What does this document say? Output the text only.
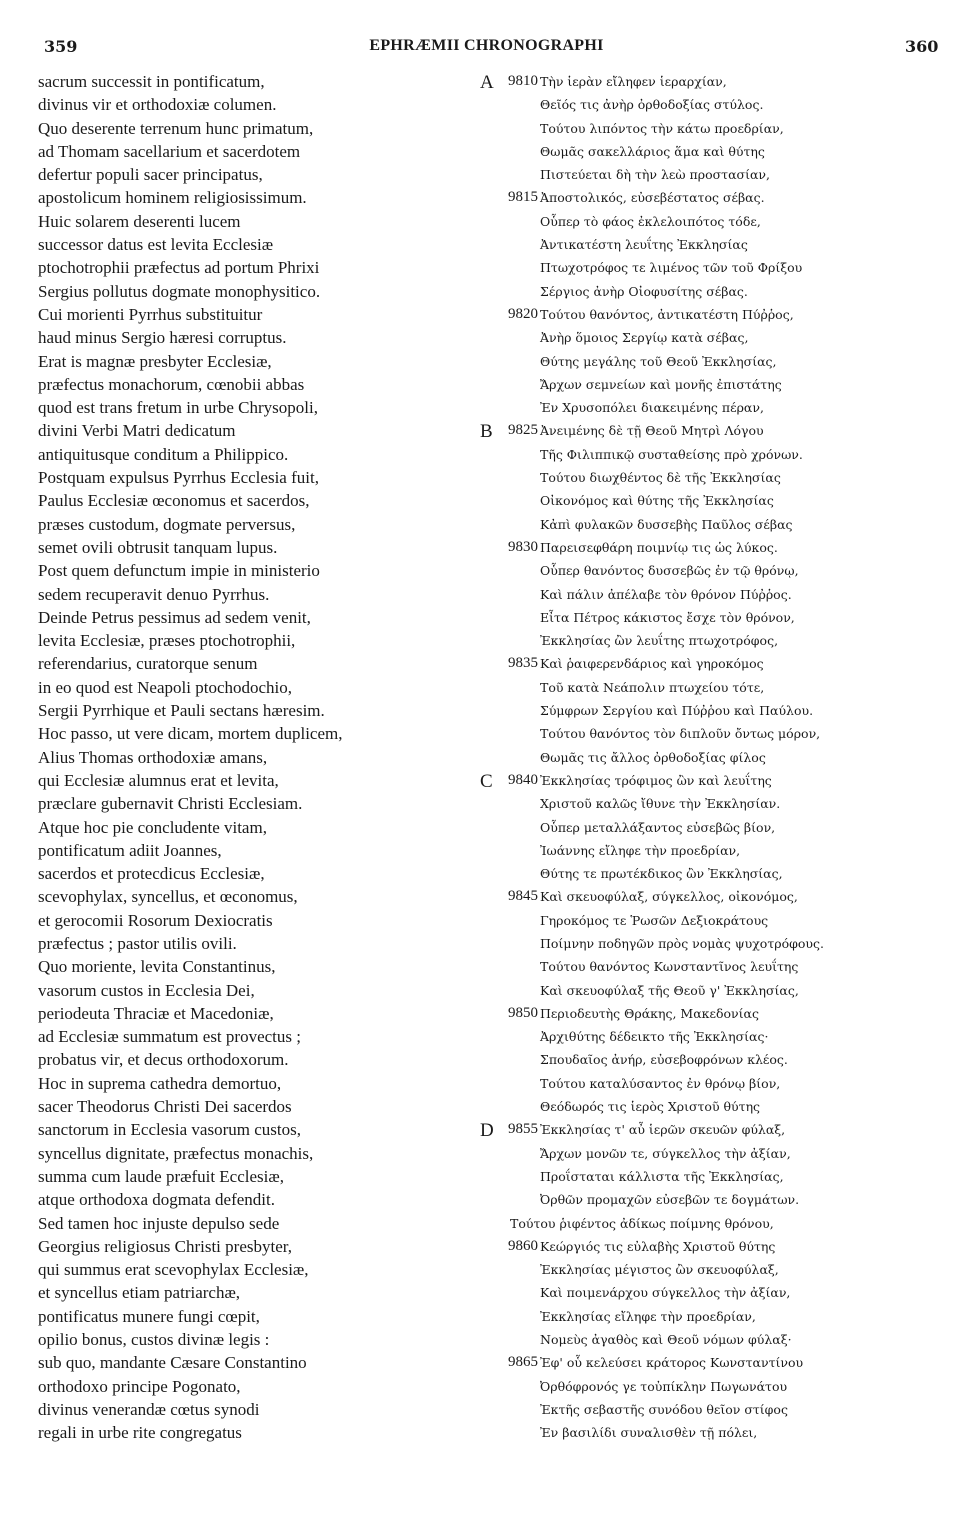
359	EPHRÆMII CHRONOGRAPHI	360
sacrum successit in pontificatum,
divinus vir et orthodoxiæ columen.
Quo deserente terrenum hunc primatum,
ad Thomam sacellarium et sacerdotem
defertur populi sacer principatus,
apostolicum hominem religiosissimum.
Huic solarem deserenti lucem
successor datus est levita Ecclesiæ
ptochotrophii præfectus ad portum Phrixi
Sergius pollutus dogmate monophysitico.
Cui morienti Pyrrhus substituitur
haud minus Sergio hæresi corruptus.
Erat is magnæ presbyter Ecclesiæ,
præfectus monachorum, cœnobii abbas
quod est trans fretum in urbe Chrysopoli,
divini Verbi Matri dedicatum
antiquitusque conditum a Philippico.
Postquam expulsus Pyrrhus Ecclesia fuit,
Paulus Ecclesiæ œconomus et sacerdos,
præses custodum, dogmate perversus,
semet ovili obtrusit tanquam lupus.
Post quem defunctum impie in ministerio
sedem recuperavit denuo Pyrrhus.
Deinde Petrus pessimus ad sedem venit,
levita Ecclesiæ, præses ptochotrophii,
referendarius, curatorque senum
in eo quod est Neapoli ptochodochio,
Sergii Pyrrhique et Pauli sectans hæresim.
Hoc passo, ut vere dicam, mortem duplicem,
Alius Thomas orthodoxiæ amans,
qui Ecclesiæ alumnus erat et levita,
præclare gubernavit Christi Ecclesiam.
Atque hoc pie concludente vitam,
pontificatum adiit Joannes,
sacerdos et protecdicus Ecclesiæ,
scevophylax, syncellus, et œconomus,
et gerocomii Rosorum Dexiocratis
præfectus ; pastor utilis ovili.
Quo moriente, levita Constantinus,
vasorum custos in Ecclesia Dei,
periodeuta Thraciæ et Macedoniæ,
ad Ecclesiæ summatum est provectus ;
probatus vir, et decus orthodoxorum.
Hoc in suprema cathedra demortuo,
sacer Theodorus Christi Dei sacerdos
sanctorum in Ecclesia vasorum custos,
syncellus dignitate, præfectus monachis,
summa cum laude præfuit Ecclesiæ,
atque orthodoxa dogmata defendit.
Sed tamen hoc injuste depulso sede
Georgius religiosus Christi presbyter,
qui summus erat scevophylax Ecclesiæ,
et syncellus etiam patriarchæ,
pontificatus munere fungi cœpit,
opilio bonus, custos divinæ legis :
sub quo, mandante Cæsare Constantino
orthodoxo principe Pogonato,
divinus venerandæ cœtus synodi
regali in urbe rite congregatus
A 9810 Τὴν ἱερὰν εἴληφεν ἱεραρχίαν,
Θεῖός τις ἀνὴρ ὀρθοδοξίας στύλος.
Τούτου λιπόντος τὴν κάτω προεδρίαν,
Θωμᾶς σακελλάριος ἅμα καὶ θύτης
Πιστεύεται δὴ τὴν λεὼ προστασίαν,
9815 Ἀποστολικός, εὐσεβέστατος σέβας.
Οὗπερ τὸ φάος ἐκλελοιπότος τόδε,
Ἀντικατέστη λευΐτης Ἐκκλησίας
Πτωχοτρόφος τε λιμένος τῶν τοῦ Φρίξου
Σέργιος ἀνὴρ Οἰοφυσίτης σέβας.
9820 Τούτου θανόντος, ἀντικατέστη Πύῤῥος,
Ἀνὴρ ὅμοιος Σεργίῳ κατὰ σέβας,
Θύτης μεγάλης τοῦ Θεοῦ Ἐκκλησίας,
Ἄρχων σεμνείων καὶ μονῆς ἐπιστάτης
Ἐν Χρυσοπόλει διακειμένης πέραν,
B	9825 Ἀνειμένης δὲ τῇ Θεοῦ Μητρὶ Λόγου
Τῆς Φιλιππικῷ συσταθείσης πρὸ χρόνων.
Τούτου διωχθέντος δὲ τῆς Ἐκκλησίας
Οἰκονόμος καὶ θύτης τῆς Ἐκκλησίας
Κἀπὶ φυλακῶν δυσσεβὴς Παῦλος σέβας
9830 Παρεισεφθάρη ποιμνίῳ τις ὡς λύκος.
Οὗπερ θανόντος δυσσεβῶς ἐν τῷ θρόνῳ,
Καὶ πάλιν ἀπέλαβε τὸν θρόνον Πύῤῥος.
Εἶτα Πέτρος κάκιστος ἔσχε τὸν θρόνον,
Ἐκκλησίας ὢν λευΐτης πτωχοτρόφος,
9835 Καὶ ῥαιφερενδάριος καὶ γηροκόμος
Τοῦ κατὰ Νεάπολιν πτωχείου τότε,
Σύμφρων Σεργίου καὶ Πύῤῥου καὶ Παύλου.
Τούτου θανόντος τὸν διπλοῦν ὄντως μόρον,
Θωμᾶς τις ἄλλος ὀρθοδοξίας φίλος
C	9840 Ἐκκλησίας τρόφιμος ὢν καὶ λευΐτης
Χριστοῦ καλῶς ἴθυνε τὴν Ἐκκλησίαν.
Οὗπερ μεταλλάξαντος εὐσεβῶς βίον,
Ἰωάννης εἴληφε τὴν προεδρίαν,
Θύτης τε πρωτέκδικος ὢν Ἐκκλησίας,
9845 Καὶ σκευοφύλαξ, σύγκελλος, οἰκονόμος,
Γηροκόμος τε Ῥωσῶν Δεξιοκράτους
Ποίμνην ποδηγῶν πρὸς νομὰς ψυχοτρόφους.
Τούτου θανόντος Κωνσταντῖνος λευΐτης
Καὶ σκευοφύλαξ τῆς Θεοῦ γ' Ἐκκλησίας,
9850 Περιοδευτὴς Θράκης, Μακεδονίας
Ἀρχιθύτης δέδεικτο τῆς Ἐκκλησίας·
Σπουδαῖος ἀνήρ, εὐσεβοφρόνων κλέος.
Τούτου καταλύσαντος ἐν θρόνῳ βίον,
Θεόδωρός τις ἱερὸς Χριστοῦ θύτης
D 9855 Ἐκκλησίας τ' αὖ ἱερῶν σκευῶν φύλαξ,
Ἄρχων μονῶν τε, σύγκελλος τὴν ἀξίαν,
Προΐσταται κάλλιστα τῆς Ἐκκλησίας,
Ὀρθῶν προμαχῶν εὐσεβῶν τε δογμάτων.
Τούτου ῥιφέντος ἀδίκως ποίμνης θρόνου,
9860 Κεώργιός τις εὐλαβὴς Χριστοῦ θύτης
Ἐκκλησίας μέγιστος ὢν σκευοφύλαξ,
Καὶ ποιμενάρχου σύγκελλος τὴν ἀξίαν,
Ἐκκλησίας εἴληφε τὴν προεδρίαν,
Νομεὺς ἀγαθὸς καὶ Θεοῦ νόμων φύλαξ·
9865 Ἐφ' οὗ κελεύσει κράτορος Κωνσταντίνου
Ὀρθόφρονός γε τοὐπίκλην Πωγωνάτου
Ἐκτῆς σεβαστῆς συνόδου θεῖον στίφος
Ἐν βασιλίδι συναλισθὲν τῇ πόλει,
